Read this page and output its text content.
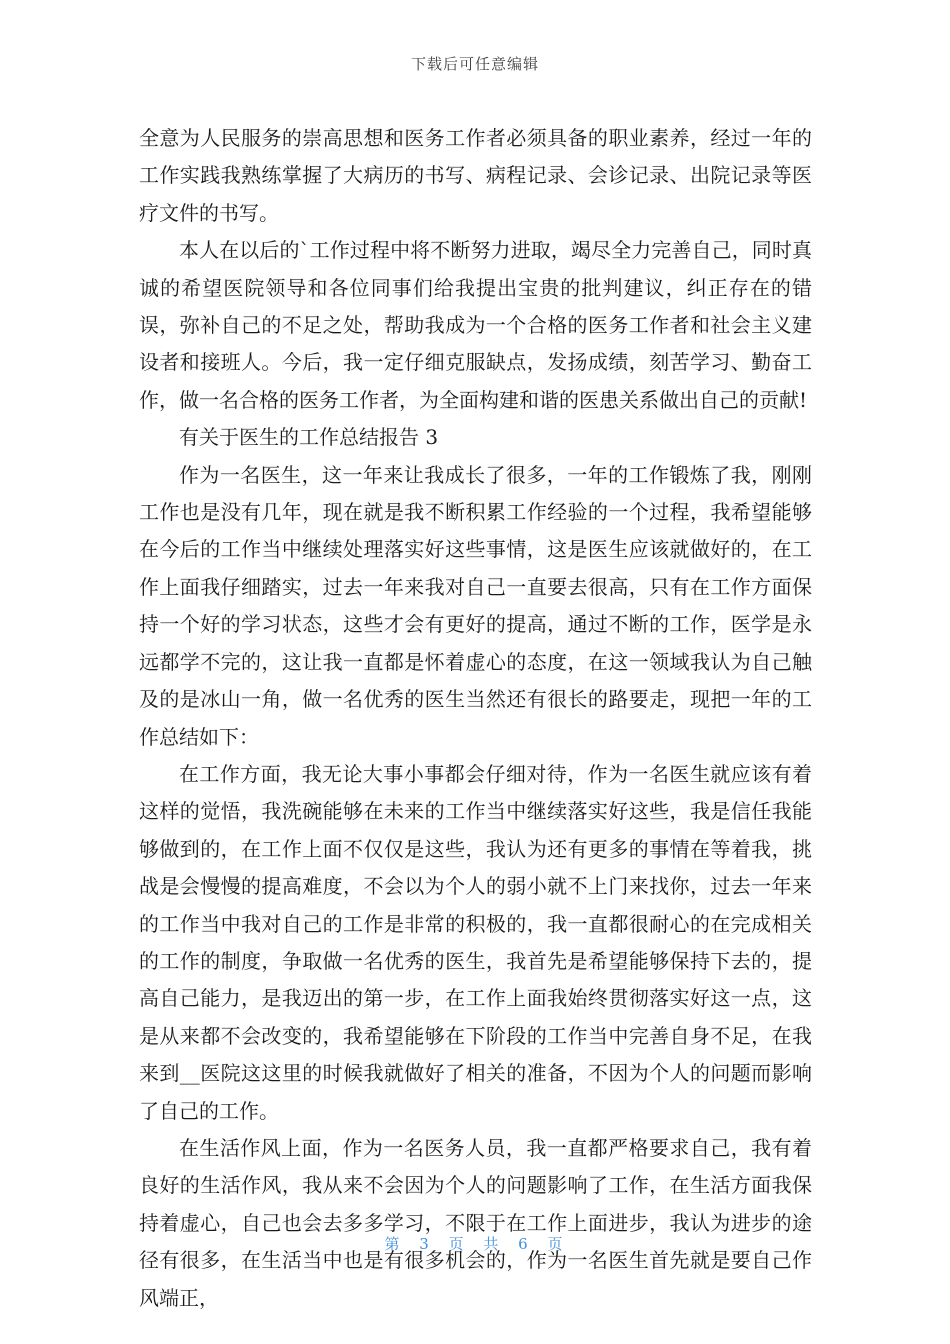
下载后可任意编辑

全意为人民服务的崇高思想和医务工作者必须具备的职业素养，经过一年的工作实践我熟练掌握了大病历的书写、病程记录、会诊记录、出院记录等医疗文件的书写。

本人在以后的`工作过程中将不断努力进取，竭尽全力完善自己，同时真诚的希望医院领导和各位同事们给我提出宝贵的批判建议，纠正存在的错误，弥补自己的不足之处，帮助我成为一个合格的医务工作者和社会主义建设者和接班人。今后，我一定仔细克服缺点，发扬成绩，刻苦学习、勤奋工作，做一名合格的医务工作者，为全面构建和谐的医患关系做出自己的贡献!

有关于医生的工作总结报告 3

作为一名医生，这一年来让我成长了很多，一年的工作锻炼了我，刚刚工作也是没有几年，现在就是我不断积累工作经验的一个过程，我希望能够在今后的工作当中继续处理落实好这些事情，这是医生应该就做好的，在工作上面我仔细踏实，过去一年来我对自己一直要去很高，只有在工作方面保持一个好的学习状态，这些才会有更好的提高，通过不断的工作，医学是永远都学不完的，这让我一直都是怀着虚心的态度，在这一领域我认为自己触及的是冰山一角，做一名优秀的医生当然还有很长的路要走，现把一年的工作总结如下：

在工作方面，我无论大事小事都会仔细对待，作为一名医生就应该有着这样的觉悟，我洗碗能够在未来的工作当中继续落实好这些，我是信任我能够做到的，在工作上面不仅仅是这些，我认为还有更多的事情在等着我，挑战是会慢慢的提高难度，不会以为个人的弱小就不上门来找你，过去一年来的工作当中我对自己的工作是非常的积极的，我一直都很耐心的在完成相关的工作的制度，争取做一名优秀的医生，我首先是希望能够保持下去的，提高自己能力，是我迈出的第一步，在工作上面我始终贯彻落实好这一点，这是从来都不会改变的，我希望能够在下阶段的工作当中完善自身不足，在我来到__医院这这里的时候我就做好了相关的准备，不因为个人的问题而影响了自己的工作。

在生活作风上面，作为一名医务人员，我一直都严格要求自己，我有着良好的生活作风，我从来不会因为个人的问题影响了工作，在生活方面我保持着虚心，自己也会去多多学习，不限于在工作上面进步，我认为进步的途径有很多，在生活当中也是有很多机会的，作为一名医生首先就是要自己作风端正，

第 3 页 共 6 页
